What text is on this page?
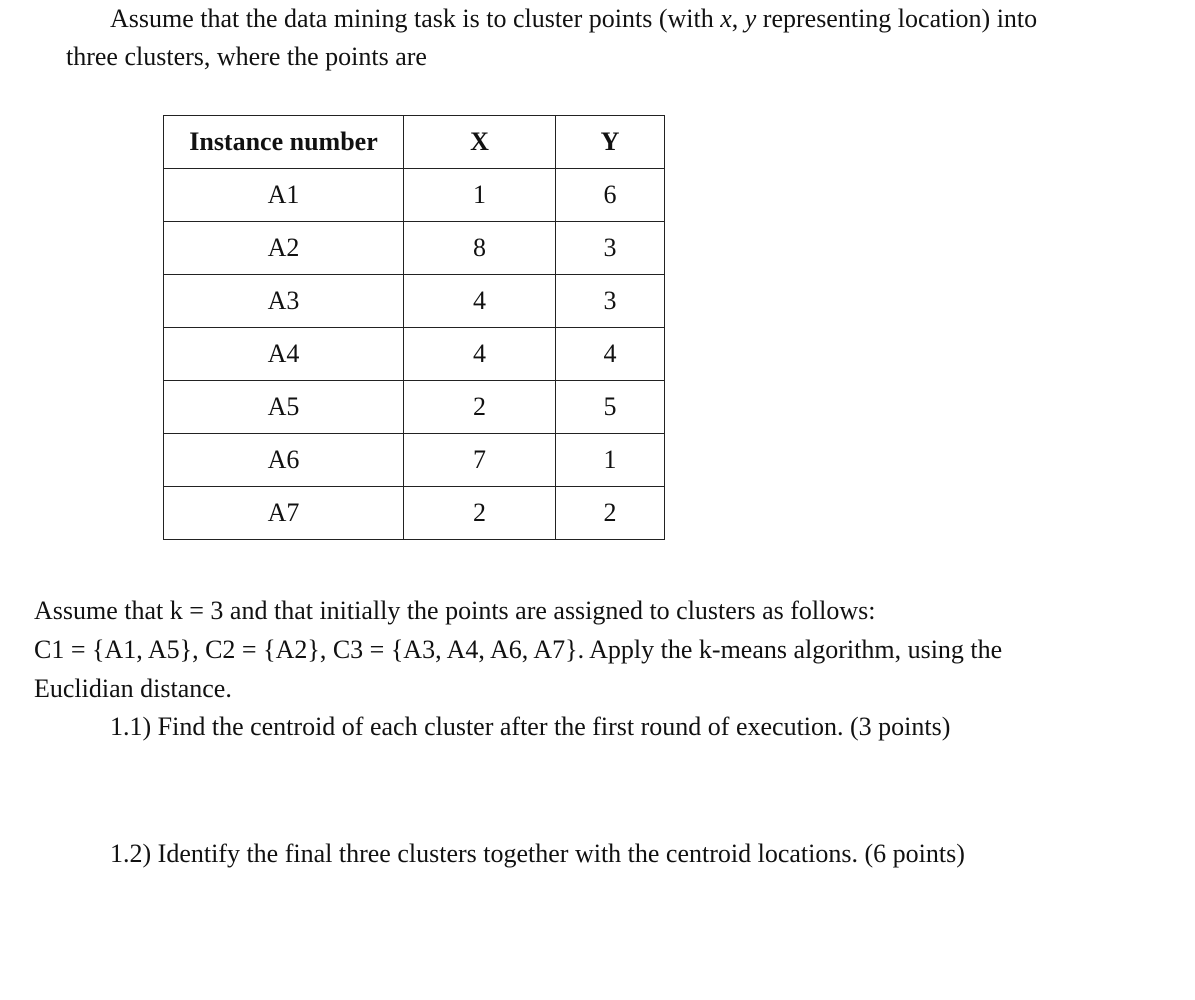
Assume that the data mining task is to cluster points (with x, y representing location) into
three clusters, where the points are
Instance number	X	Y
A1	1	6
A2	8	3
A3	4	3
A4	4	4
A5	2	5
A6	7	1
A7	2	2
Assume that k = 3 and that initially the points are assigned to clusters as follows:
C1 = {A1, A5}, C2 = {A2}, C3 = {A3, A4, A6, A7}. Apply the k-means algorithm, using the
Euclidian distance.
1.1) Find the centroid of each cluster after the first round of execution. (3 points)
1.2) Identify the final three clusters together with the centroid locations. (6 points)
